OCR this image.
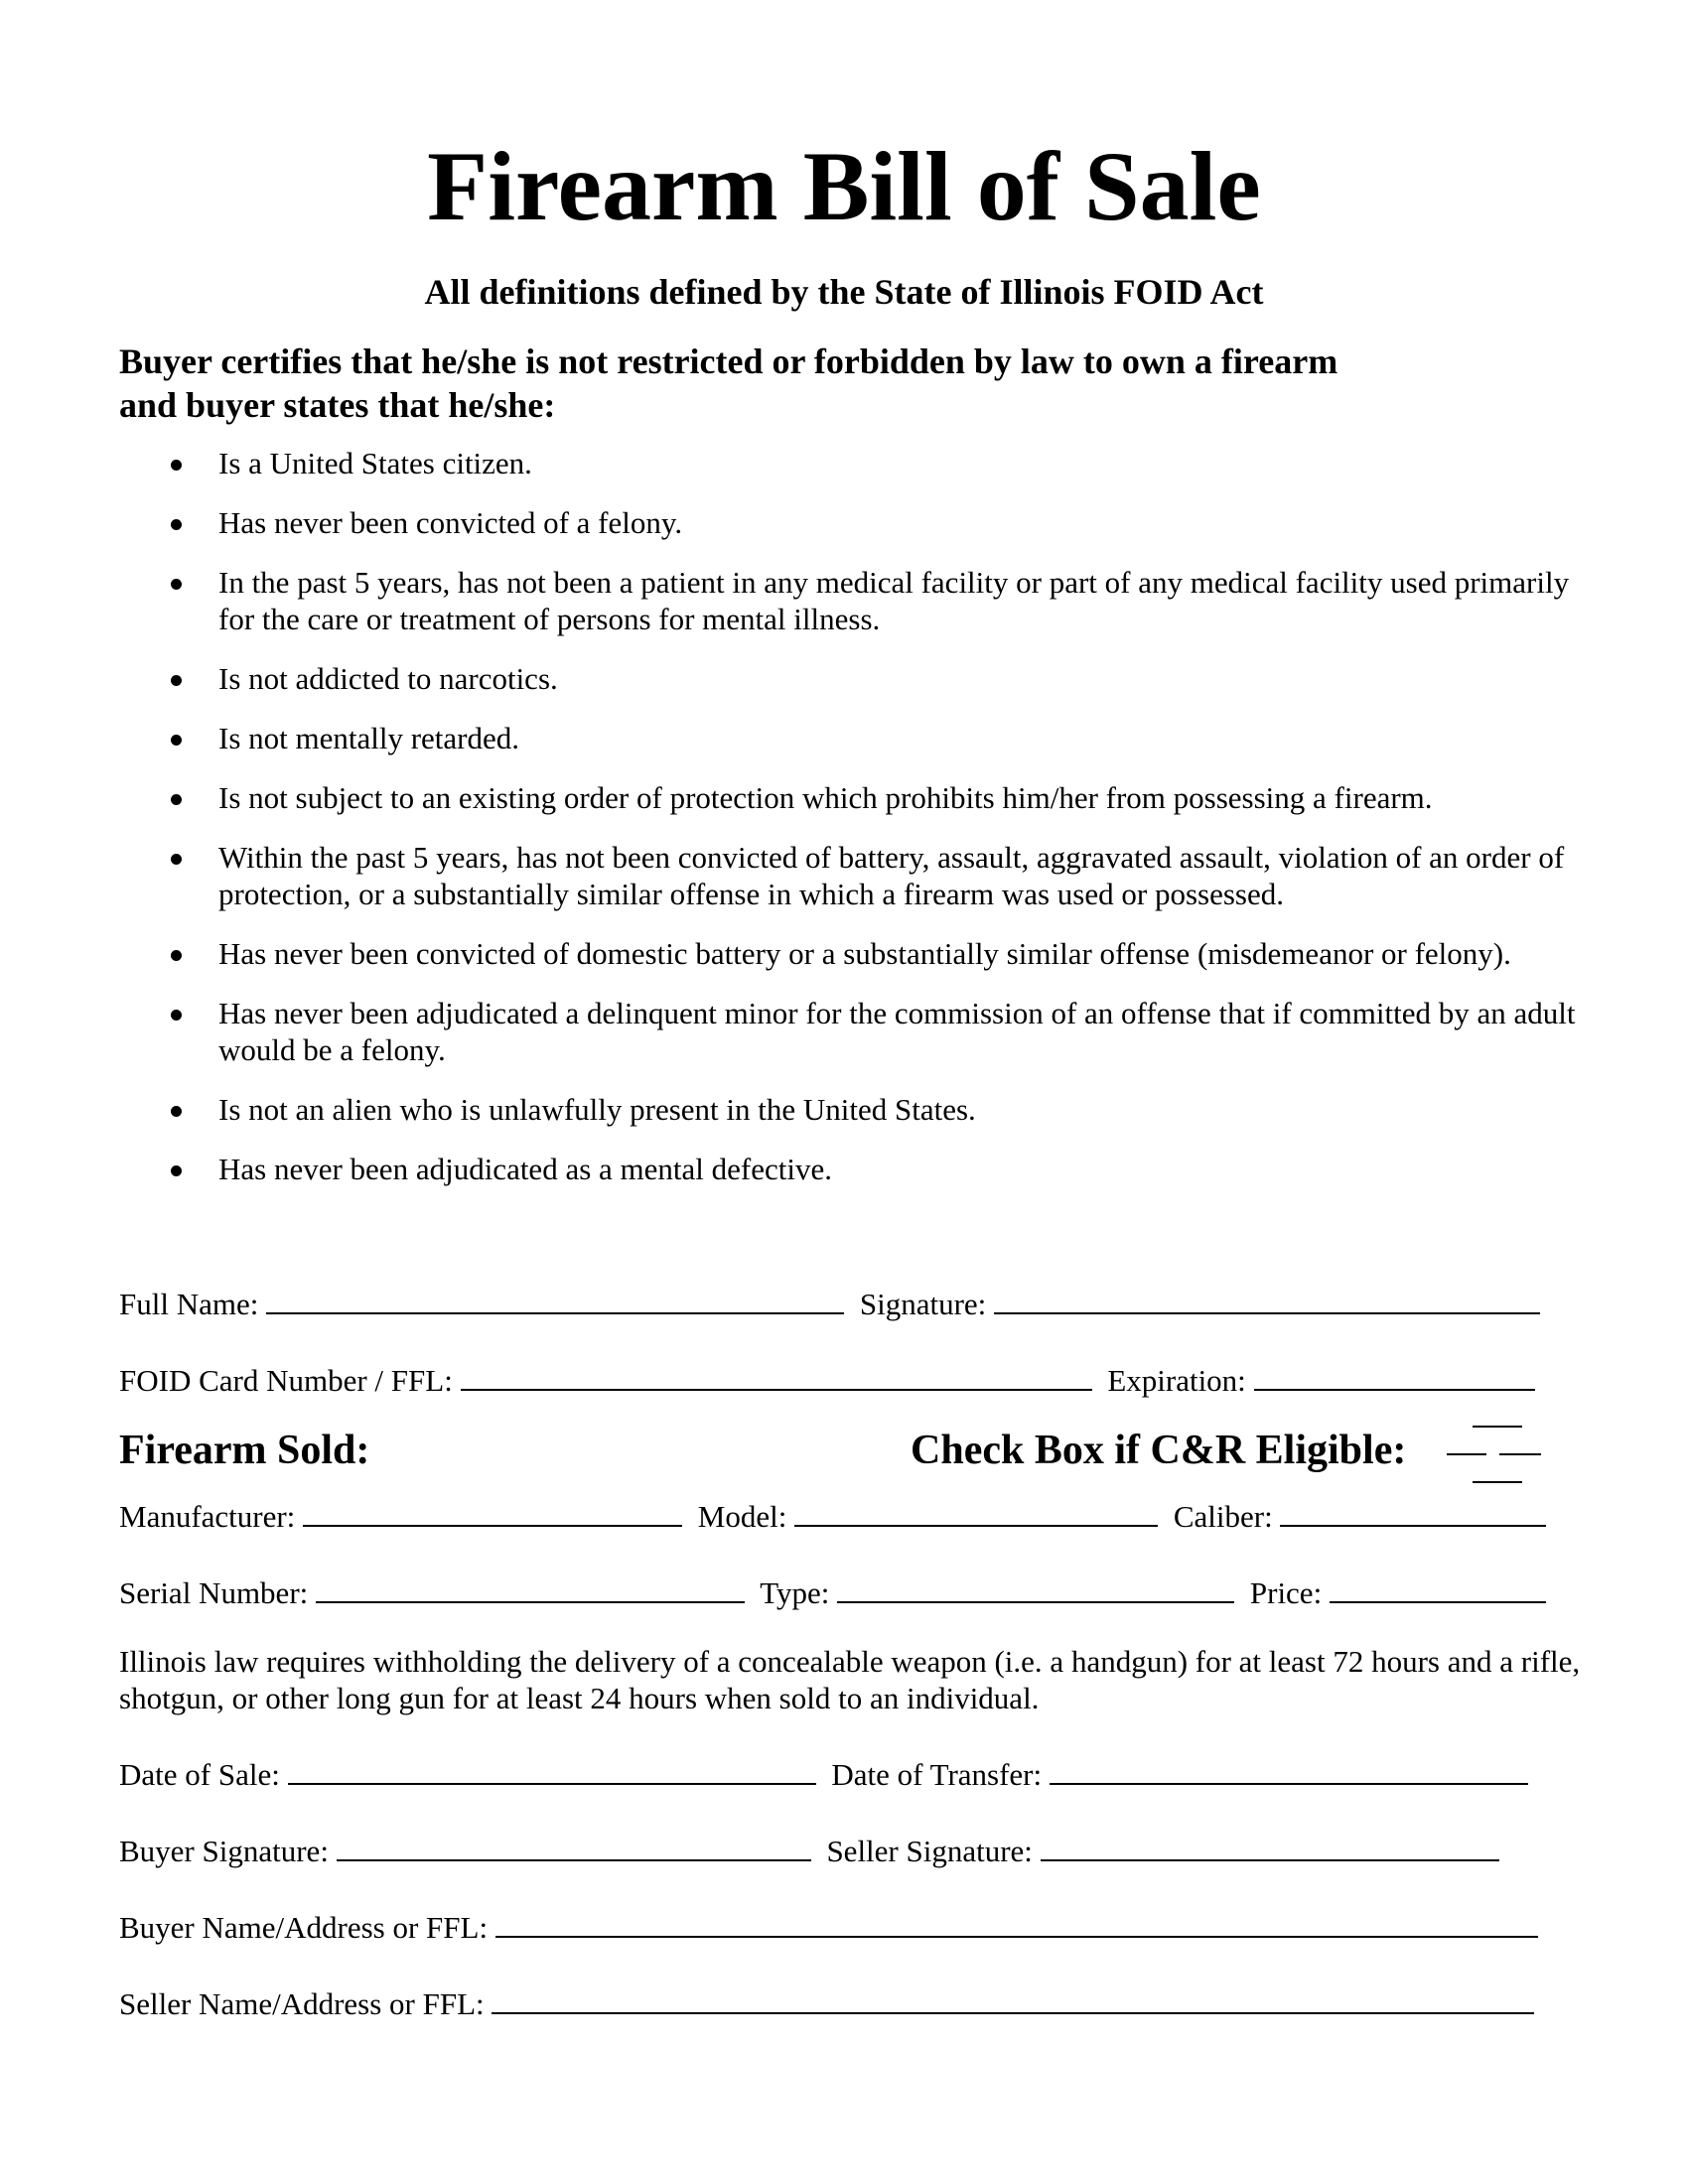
Firearm Bill of Sale
All definitions defined by the State of Illinois FOID Act
Buyer certifies that he/she is not restricted or forbidden by law to own a firearm
and buyer states that he/she:
Is a United States citizen.
Has never been convicted of a felony.
In the past 5 years, has not been a patient in any medical facility or part of any medical facility used primarily for the care or treatment of persons for mental illness.
Is not addicted to narcotics.
Is not mentally retarded.
Is not subject to an existing order of protection which prohibits him/her from possessing a firearm.
Within the past 5 years, has not been convicted of battery, assault, aggravated assault, violation of an order of protection, or a substantially similar offense in which a firearm was used or possessed.
Has never been convicted of domestic battery or a substantially similar offense (misdemeanor or felony).
Has never been adjudicated a delinquent minor for the commission of an offense that if committed by an adult would be a felony.
Is not an alien who is unlawfully present in the United States.
Has never been adjudicated as a mental defective.
Full Name:	Signature:
FOID Card Number / FFL:	Expiration:
Firearm Sold:	Check Box if C&R Eligible:
Manufacturer:	Model:	Caliber:
Serial Number:	Type:	Price:
Illinois law requires withholding the delivery of a concealable weapon (i.e. a handgun) for at least 72 hours and a rifle, shotgun, or other long gun for at least 24 hours when sold to an individual.
Date of Sale:	Date of Transfer:
Buyer Signature:	Seller Signature:
Buyer Name/Address or FFL:
Seller Name/Address or FFL:
